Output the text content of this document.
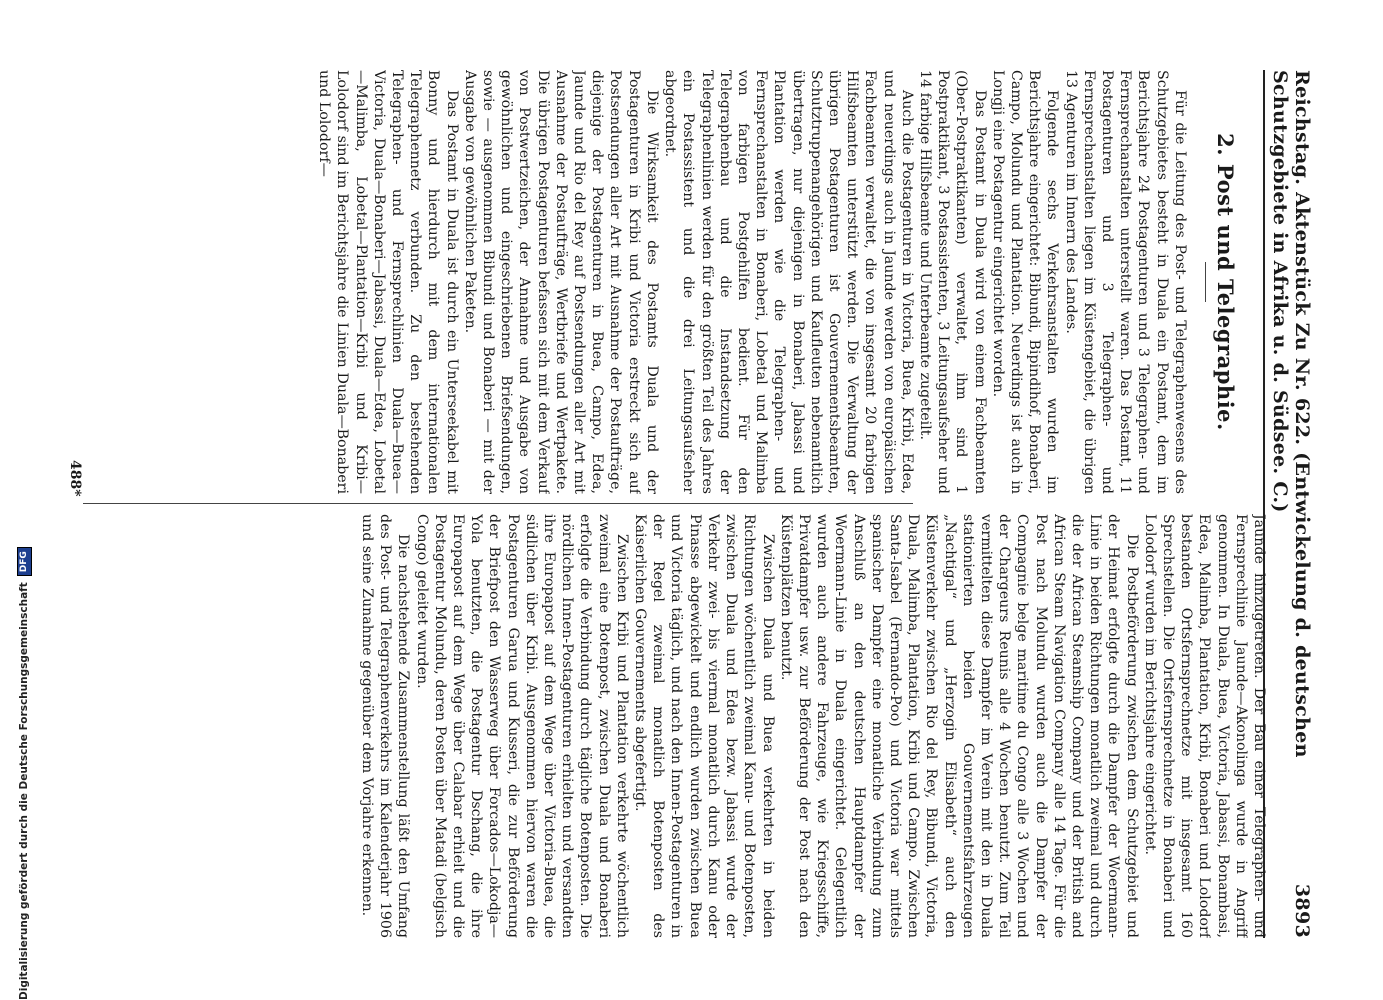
Reichstag. Aktenstück Zu Nr. 622. (Entwickelung d. deutschen Schutzgebiete in Afrika u. d. Südsee. C.)
3893
2. Post und Telegraphie.

Für die Leitung des Post- und Telegraphenwesens des Schutzgebietes besteht in Duala ein Postamt, dem im Berichtsjahre 24 Postagenturen und 3 Telegraphen- und Fernsprechanstalten unterstellt waren. Das Postamt, 11 Postagenturen und 3 Telegraphen- und Fernsprechanstalten liegen im Küstengebiet, die übrigen 13 Agenturen im Innern des Landes.

Folgende sechs Verkehrsanstalten wurden im Berichtsjahre eingerichtet: Bibundi, Bipindihof, Bonaberi, Campo, Molundu und Plantation. Neuerdings ist auch in Longji eine Postagentur eingerichtet worden.

Das Postamt in Duala wird von einem Fachbeamten (Ober-Postpraktikanten) verwaltet, ihm sind 1 Postpraktikant, 3 Postassistenten, 3 Leitungsaufseher und 14 farbige Hilfsbeamte und Unterbeamte zugeteilt.

Auch die Postagenturen in Victoria, Buea, Kribi, Edea, und neuerdings auch in Jaunde werden von europäischen Fachbeamten verwaltet, die von insgesamt 20 farbigen Hilfsbeamten unterstützt werden. Die Verwaltung der übrigen Postagenturen ist Gouvernementsbeamten, Schutztruppenangehörigen und Kaufleuten nebenamtlich übertragen, nur diejenigen in Bonaberi, Jabassi und Plantation werden wie die Telegraphen- und Fernsprechanstalten in Bonaberi, Lobetal und Malimba von farbigen Postgehilfen bedient. Für den Telegraphenbau und die Instandsetzung der Telegraphenlinien werden für den größten Teil des Jahres ein Postassistent und die drei Leitungsaufseher abgeordnet.

Die Wirksamkeit des Postamts Duala und der Postagenturen in Kribi und Victoria erstreckt sich auf Postsendungen aller Art mit Ausnahme der Postaufträge, diejenige der Postagenturen in Buea, Campo, Edea, Jaunde und Rio del Rey auf Postsendungen aller Art mit Ausnahme der Postaufträge, Wertbriefe und Wertpakete. Die übrigen Postagenturen befassen sich mit dem Verkauf von Postwertzeichen, der Annahme und Ausgabe von gewöhnlichen und eingeschriebenen Briefsendungen, sowie — ausgenommen Bibundi und Bonaberi — mit der Ausgabe von gewöhnlichen Paketen.

Das Postamt in Duala ist durch ein Unterseekabel mit Bonny und hierdurch mit dem internationalen Telegraphennetz verbunden. Zu den bestehenden Telegraphen- und Fernsprechlinien Duala—Buea—Victoria, Duala—Bonaberi—Jabassi, Duala—Edea, Lobetal—Malimba, Lobetal—Plantation—Kribi und Kribi—Lolodorf sind im Berichtsjahre die Linien Duala—Bonaberi und Lolodorf—

Jaunde hinzugetreten. Der Bau einer Telegraphen- und Fernsprechlinie Jaunde—Akonolinga wurde in Angriff genommen. In Duala, Buea, Victoria, Jabassi, Bonambasi, Edea, Malimba, Plantation, Kribi, Bonaberi und Lolodorf bestanden Ortsfernsprechnetze mit insgesamt 160 Sprechstellen. Die Ortsfernsprechnetze in Bonaberi und Lolodorf wurden im Berichtsjahre eingerichtet.

Die Postbeförderung zwischen dem Schutzgebiet und der Heimat erfolgte durch die Dampfer der Woermann-Linie in beiden Richtungen monatlich zweimal und durch die der African Steamship Company und der British and African Steam Navigation Company alle 14 Tage. Für die Post nach Molundu wurden auch die Dampfer der Compagnie belge maritime du Congo alle 3 Wochen und der Chargeurs Reunis alle 4 Wochen benutzt. Zum Teil vermittelten diese Dampfer im Verein mit den in Duala stationierten beiden Gouvernementsfahrzeugen „Nachtigal“ und „Herzogin Elisabeth“ auch den Küstenverkehr zwischen Rio del Rey, Bibundi, Victoria, Duala, Malimba, Plantation, Kribi und Campo. Zwischen Santa-Isabel (Fernando-Poo) und Victoria war mittels spanischer Dampfer eine monatliche Verbindung zum Anschluß an den deutschen Hauptdampfer der Woermann-Linie in Duala eingerichtet. Gelegentlich wurden auch andere Fahrzeuge, wie Kriegsschiffe, Privatdampfer usw. zur Beförderung der Post nach den Küstenplätzen benutzt.

Zwischen Duala und Buea verkehrten in beiden Richtungen wöchentlich zweimal Kanu- und Botenposten, zwischen Duala und Edea bezw. Jabassi wurde der Verkehr zwei- bis viermal monatlich durch Kanu oder Pinasse abgewickelt und endlich wurden zwischen Buea und Victoria täglich, und nach den Innen-Postagenturen in der Regel zweimal monatlich Botenposten des Kaiserlichen Gouvernements abgefertigt.

Zwischen Kribi und Plantation verkehrte wöchentlich zweimal eine Botenpost, zwischen Duala und Bonaberi erfolgte die Verbindung durch tägliche Botenposten. Die nördlichen Innen-Postagenturen erhielten und versandten ihre Europapost auf dem Wege über Victoria-Buea, die südlichen über Kribi. Ausgenommen hiervon waren die Postagenturen Garua und Kusseri, die zur Beförderung der Briefpost den Wasserweg über Forcados—Lokodja—Yola benutzten, die Postagentur Dschang, die ihre Europapost auf dem Wege über Calabar erhielt und die Postagentur Molundu, deren Posten über Matadi (belgisch Congo) geleitet wurden.

Die nachstehende Zusammenstellung läßt den Umfang des Post- und Telegraphenverkehrs im Kalenderjahr 1906 und seine Zunahme gegenüber dem Vorjahre erkennen.

488*
Digitalisierung gefördert durch die Deutsche Forschungsgemeinschaft
DFG
